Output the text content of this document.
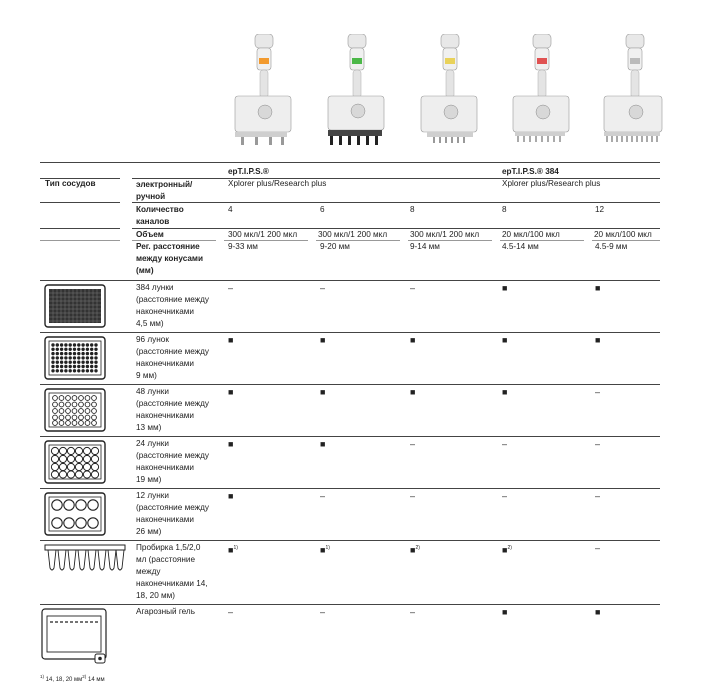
epT.I.P.S.®	epT.I.P.S.® 384
Тип сосудов	электронный/
ручной
Xplorer plus/Research plus	Xplorer plus/Research plus
Количество
каналов
4	6	8	8	12
Объем	300 мкл/1 200 мкл	300 мкл/1 200 мкл	300 мкл/1 200 мкл	20 мкл/100 мкл	20 мкл/100 мкл
Рег. расстояние
между конусами
(мм)
9-33 мм	9-20 мм	9-14 мм	4.5-14 мм	4.5-9 мм
384 лунки
(расстояние между
наконечниками
4,5 мм)
–	–	–	■	■
96 лунок
(расстояние между
наконечниками
9 мм)
■	■	■	■	■
48 лунки
(расстояние между
наконечниками
13 мм)
■	■	■	■	–
24 лунки
(расстояние между
наконечниками
19 мм)
■	■	–	–	–
12 лунки
(расстояние между
наконечниками
26 мм)
■	–	–	–	–
Пробирка 1,5/2,0
мл (расстояние
между
наконечниками 14,
18, 20 мм)
■$^{1)}$	■$^{1)}$	■$^{2)}$	■$^{2)}$	–
Агарозный гель	–	–	–	■	■
$^{1)}$ 14, 18, 20 $мм^{2)}$ 14 мм
